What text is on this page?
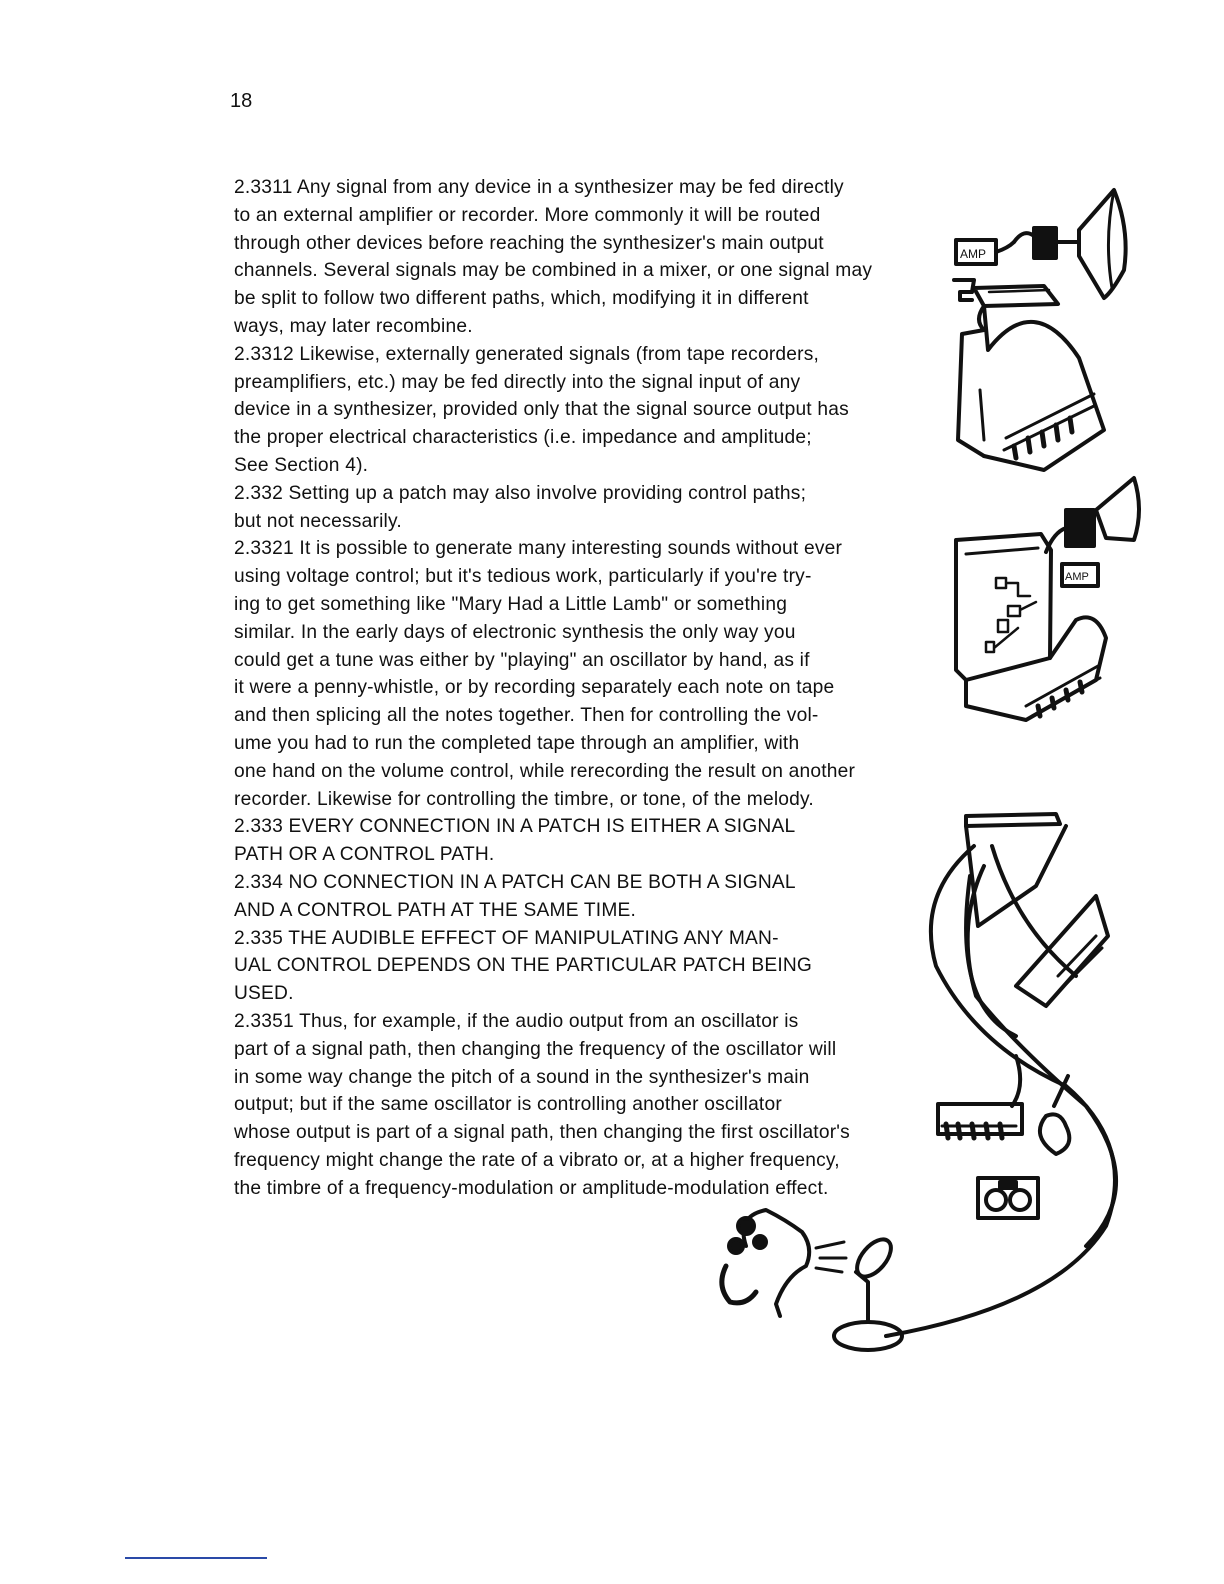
18
2.3311 Any signal from any device in a synthesizer may be fed directly
to an external amplifier or recorder. More commonly it will be routed
through other devices before reaching the synthesizer's main output
channels. Several signals may be combined in a mixer, or one signal may
be split to follow two different paths, which, modifying it in different
ways, may later recombine.
2.3312 Likewise, externally generated signals (from tape recorders,
preamplifiers, etc.) may be fed directly into the signal input of any
device in a synthesizer, provided only that the signal source output has
the proper electrical characteristics (i.e. impedance and amplitude;
See Section 4).
2.332 Setting up a patch may also involve providing control paths;
but not necessarily.
2.3321 It is possible to generate many interesting sounds without ever
using voltage control; but it's tedious work, particularly if you're try-
ing to get something like "Mary Had a Little Lamb" or something
similar. In the early days of electronic synthesis the only way you
could get a tune was either by "playing" an oscillator by hand, as if
it were a penny-whistle, or by recording separately each note on tape
and then splicing all the notes together. Then for controlling the vol-
ume you had to run the completed tape through an amplifier, with
one hand on the volume control, while rerecording the result on another
recorder. Likewise for controlling the timbre, or tone, of the melody.
2.333 EVERY CONNECTION IN A PATCH IS EITHER A SIGNAL
PATH OR A CONTROL PATH.
2.334 NO CONNECTION IN A PATCH CAN BE BOTH A SIGNAL
AND A CONTROL PATH AT THE SAME TIME.
2.335 THE AUDIBLE EFFECT OF MANIPULATING ANY MAN-
UAL CONTROL DEPENDS ON THE PARTICULAR PATCH BEING
USED.
2.3351 Thus, for example, if the audio output from an oscillator is
part of a signal path, then changing the frequency of the oscillator will
in some way change the pitch of a sound in the synthesizer's main
output; but if the same oscillator is controlling another oscillator
whose output is part of a signal path, then changing the first oscillator's
frequency might change the rate of a vibrato or, at a higher frequency,
the timbre of a frequency-modulation or amplitude-modulation effect.
AMP
AMP
